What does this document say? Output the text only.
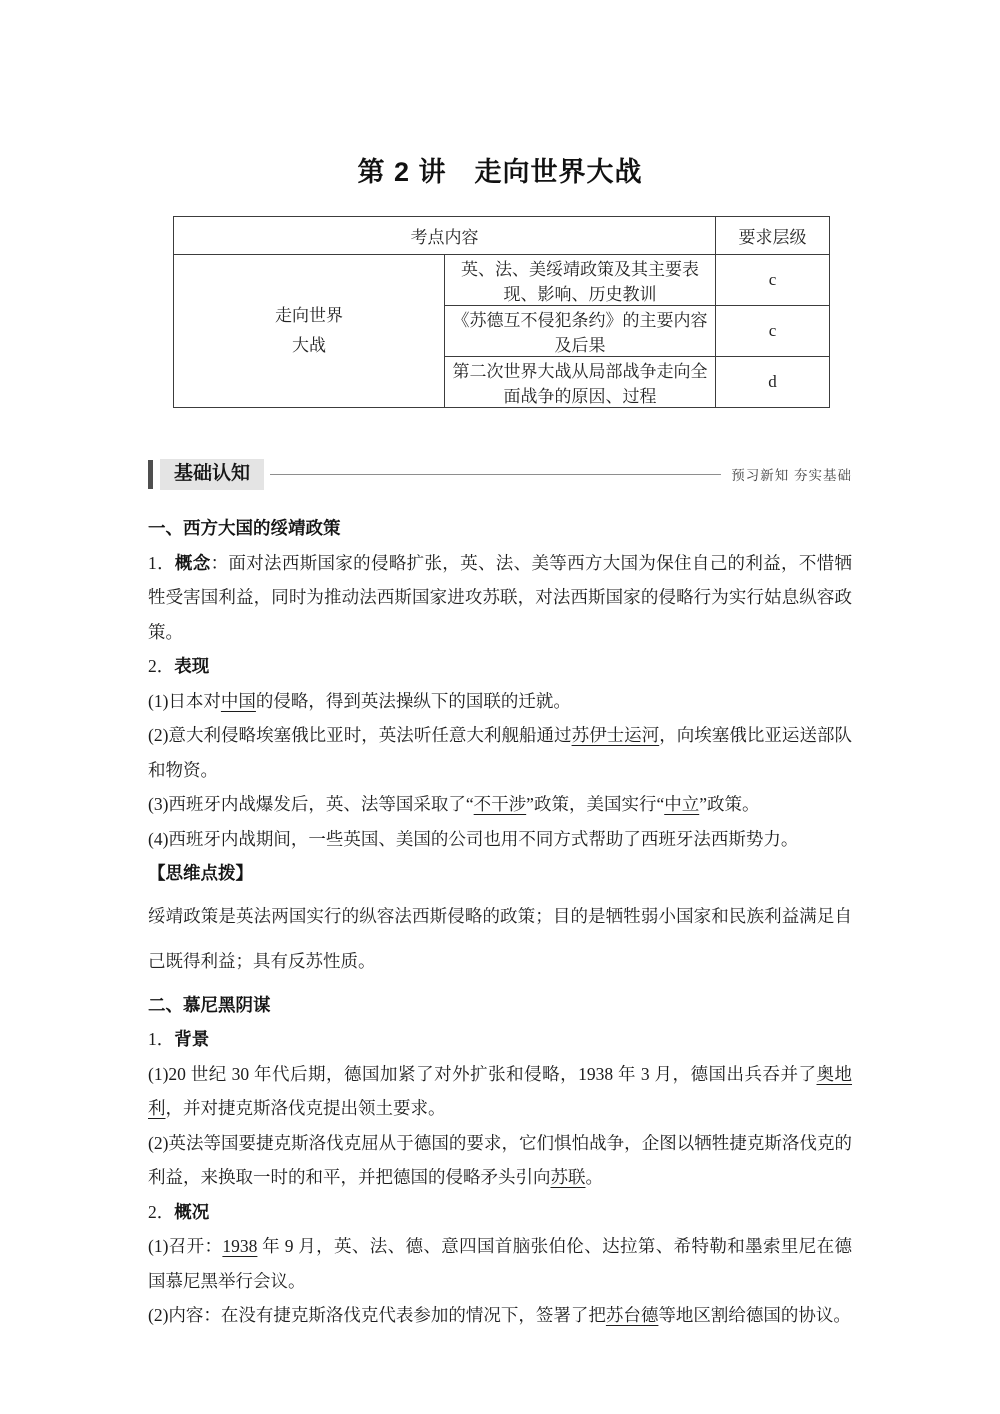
第 2 讲　走向世界大战
考点内容		要求层级

走向世界
大战	英、法、美绥靖政策及其主要表现、影响、历史教训	c
	《苏德互不侵犯条约》的主要内容及后果	c
	第二次世界大战从局部战争走向全面战争的原因、过程	d
基础认知	预习新知 夯实基础

一、西方大国的绥靖政策

1．概念：面对法西斯国家的侵略扩张，英、法、美等西方大国为保住自己的利益，不惜牺牲受害国利益，同时为推动法西斯国家进攻苏联，对法西斯国家的侵略行为实行姑息纵容政策。

2．表现

(1)日本对中国的侵略，得到英法操纵下的国联的迁就。

(2)意大利侵略埃塞俄比亚时，英法听任意大利舰船通过苏伊士运河，向埃塞俄比亚运送部队和物资。

(3)西班牙内战爆发后，英、法等国采取了“不干涉”政策，美国实行“中立”政策。

(4)西班牙内战期间，一些英国、美国的公司也用不同方式帮助了西班牙法西斯势力。

【思维点拨】

绥靖政策是英法两国实行的纵容法西斯侵略的政策；目的是牺牲弱小国家和民族利益满足自己既得利益；具有反苏性质。

二、慕尼黑阴谋

1．背景

(1)20 世纪 30 年代后期，德国加紧了对外扩张和侵略，1938 年 3 月，德国出兵吞并了奥地利，并对捷克斯洛伐克提出领土要求。

(2)英法等国要捷克斯洛伐克屈从于德国的要求，它们惧怕战争，企图以牺牲捷克斯洛伐克的利益，来换取一时的和平，并把德国的侵略矛头引向苏联。

2．概况

(1)召开：1938 年 9 月，英、法、德、意四国首脑张伯伦、达拉第、希特勒和墨索里尼在德国慕尼黑举行会议。

(2)内容：在没有捷克斯洛伐克代表参加的情况下，签署了把苏台德等地区割给德国的协议。
